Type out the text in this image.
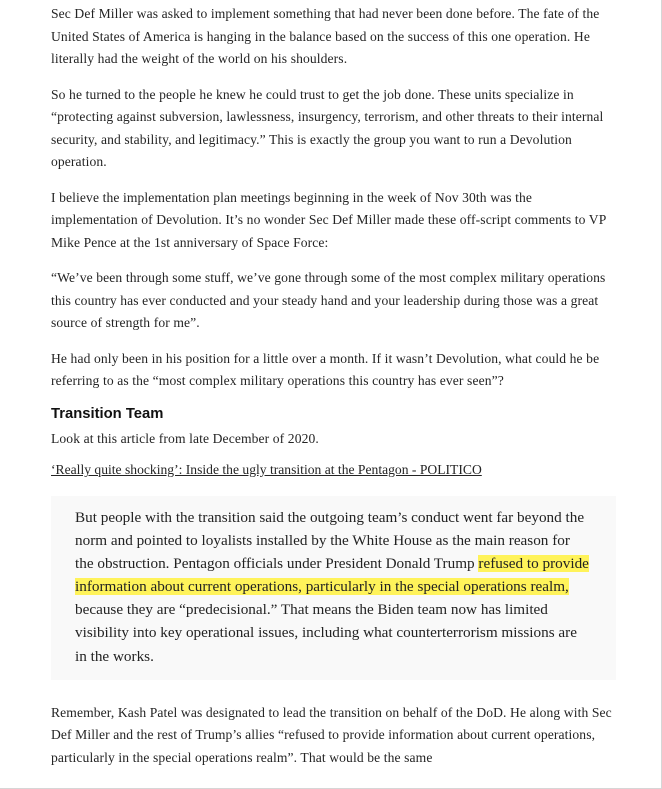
Sec Def Miller was asked to implement something that had never been done before. The fate of the United States of America is hanging in the balance based on the success of this one operation. He literally had the weight of the world on his shoulders.

So he turned to the people he knew he could trust to get the job done. These units specialize in “protecting against subversion, lawlessness, insurgency, terrorism, and other threats to their internal security, and stability, and legitimacy.” This is exactly the group you want to run a Devolution operation.

I believe the implementation plan meetings beginning in the week of Nov 30th was the implementation of Devolution. It’s no wonder Sec Def Miller made these off-script comments to VP Mike Pence at the 1st anniversary of Space Force:

“We’ve been through some stuff, we’ve gone through some of the most complex military operations this country has ever conducted and your steady hand and your leadership during those was a great source of strength for me”.

He had only been in his position for a little over a month. If it wasn’t Devolution, what could he be referring to as the “most complex military operations this country has ever seen”?

Transition Team

Look at this article from late December of 2020.

‘Really quite shocking’: Inside the ugly transition at the Pentagon - POLITICO
But people with the transition said the outgoing team’s conduct went far beyond the norm and pointed to loyalists installed by the White House as the main reason for the obstruction. Pentagon officials under President Donald Trump refused to provide information about current operations, particularly in the special operations realm, because they are “predecisional.” That means the Biden team now has limited visibility into key operational issues, including what counterterrorism missions are in the works.

Remember, Kash Patel was designated to lead the transition on behalf of the DoD. He along with Sec Def Miller and the rest of Trump’s allies “refused to provide information about current operations, particularly in the special operations realm”. That would be the same
